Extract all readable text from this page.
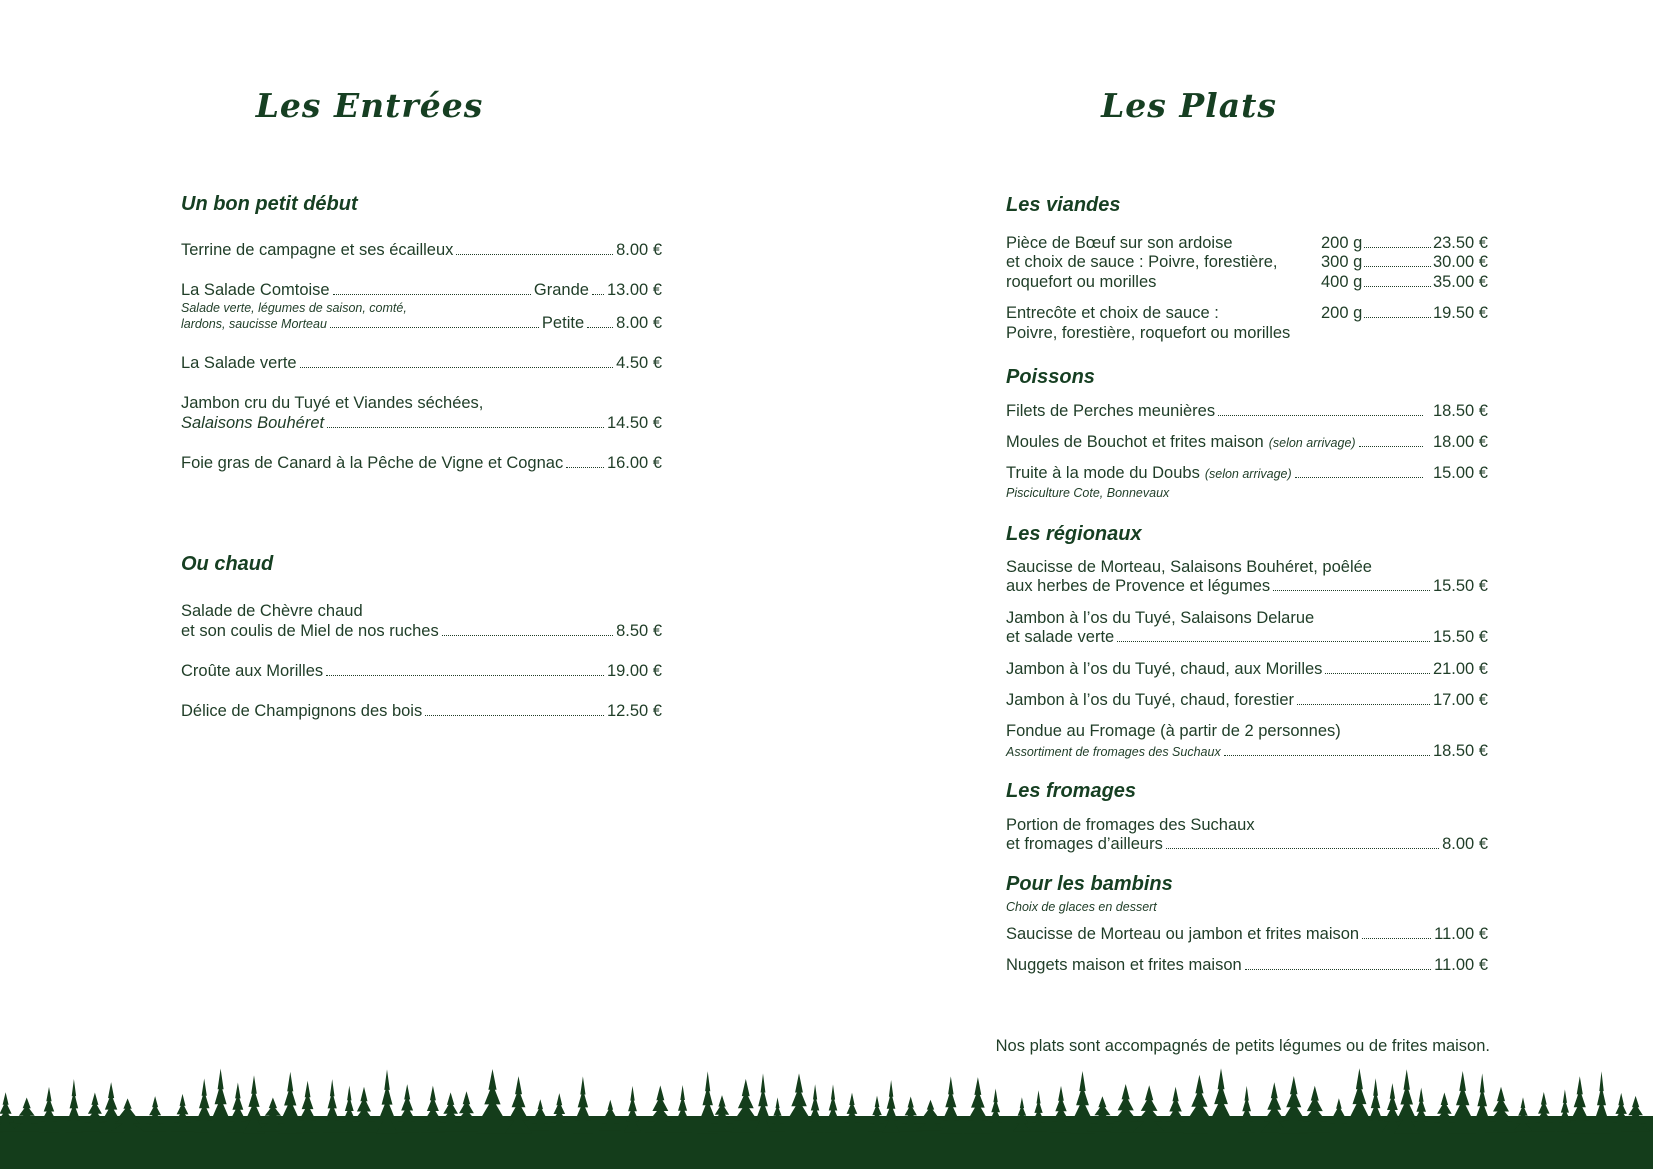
Les Entrées
Un bon petit début
Terrine de campagne et ses écailleux	8.00 €
La Salade Comtoise	Grande 13.00 €
Salade verte, légumes de saison, comté,
lardons, saucisse Morteau	Petite 8.00 €
La Salade verte	4.50 €
Jambon cru du Tuyé et Viandes séchées,
Salaisons Bouhéret	14.50 €
Foie gras de Canard à la Pêche de Vigne et Cognac	16.00 €
Ou chaud
Salade de Chèvre chaud
et son coulis de Miel de nos ruches	8.50 €
Croûte aux Morilles	19.00 €
Délice de Champignons des bois	12.50 €
Les Plats
Les viandes
Pièce de Bœuf sur son ardoise
et choix de sauce : Poivre, forestière,
roquefort ou morilles
200 g	23.50 €
300 g	30.00 €
400 g	35.00 €
Entrecôte et choix de sauce :
Poivre, forestière, roquefort ou morilles
200 g	19.50 €
Poissons
Filets de Perches meunières	18.50 €
Moules de Bouchot et frites maison (selon arrivage)	18.00 €
Truite à la mode du Doubs (selon arrivage)	15.00 €
Pisciculture Cote, Bonnevaux
Les régionaux
Saucisse de Morteau, Salaisons Bouhéret, poêlée
aux herbes de Provence et légumes	15.50 €
Jambon à l’os du Tuyé, Salaisons Delarue
et salade verte	15.50 €
Jambon à l’os du Tuyé, chaud, aux Morilles	21.00 €
Jambon à l’os du Tuyé, chaud, forestier	17.00 €
Fondue au Fromage (à partir de 2 personnes)
Assortiment de fromages des Suchaux	18.50 €
Les fromages
Portion de fromages des Suchaux
et fromages d’ailleurs	8.00 €
Pour les bambins
Choix de glaces en dessert
Saucisse de Morteau ou jambon et frites maison	11.00 €
Nuggets maison et frites maison	11.00 €
Nos plats sont accompagnés de petits légumes ou de frites maison.
